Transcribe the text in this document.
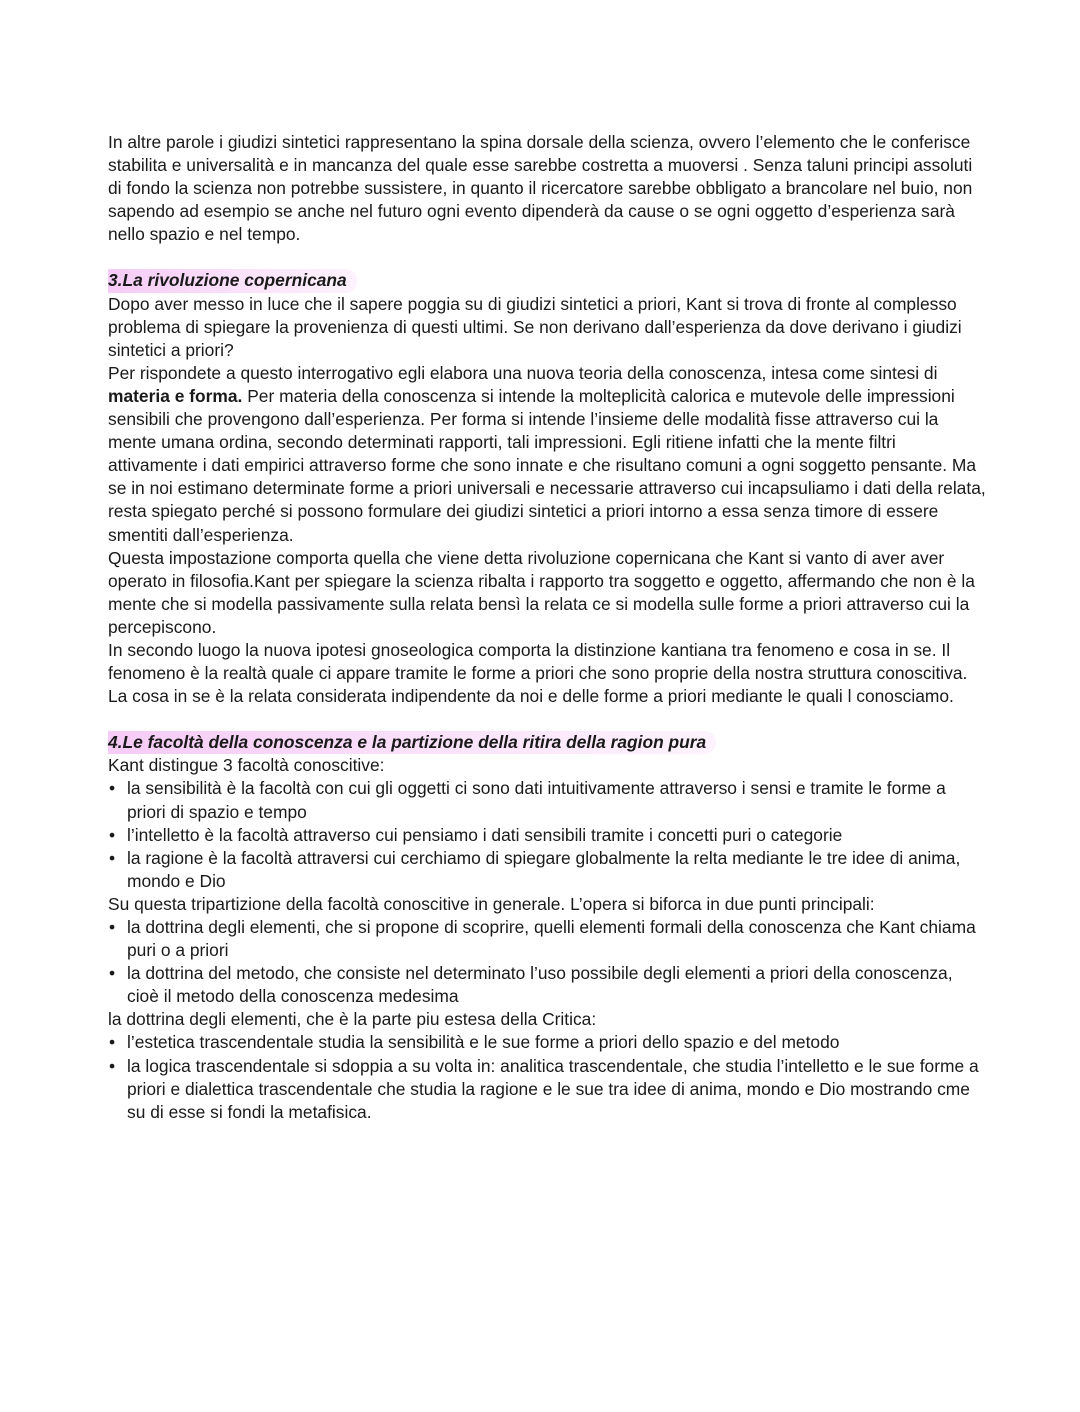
In altre parole i giudizi sintetici rappresentano la spina dorsale della scienza, ovvero l’elemento che le conferisce stabilita e universalità e in mancanza del quale esse sarebbe costretta a muoversi . Senza taluni principi assoluti di fondo la scienza non potrebbe sussistere, in quanto il ricercatore sarebbe obbligato a brancolare nel buio, non sapendo ad esempio se anche nel futuro ogni evento dipenderà da cause o se ogni oggetto d’esperienza sarà nello spazio e nel tempo.

3.La rivoluzione copernicana

Dopo aver messo in luce che il sapere poggia su di giudizi sintetici a priori, Kant si trova di fronte al complesso problema di spiegare la provenienza di questi ultimi. Se non derivano dall’esperienza da dove derivano i giudizi sintetici a priori?

Per rispondete a questo interrogativo egli elabora una nuova teoria della conoscenza, intesa come sintesi di materia e forma. Per materia della conoscenza si intende la molteplicità calorica e mutevole delle impressioni sensibili che provengono dall’esperienza. Per forma si intende l’insieme delle modalità fisse attraverso cui la mente umana ordina, secondo determinati rapporti, tali impressioni. Egli ritiene infatti che la mente filtri attivamente i dati empirici attraverso forme che sono innate e che risultano comuni a ogni soggetto pensante. Ma se in noi estimano determinate forme a priori universali e necessarie attraverso cui incapsuliamo i dati della relata, resta spiegato perché si possono formulare dei giudizi sintetici a priori intorno a essa senza timore di essere smentiti dall’esperienza.

Questa impostazione comporta quella che viene detta rivoluzione copernicana che Kant si vanto di aver aver operato in filosofia.Kant per spiegare la scienza ribalta i rapporto tra soggetto e oggetto, affermando che non è la mente che si modella passivamente sulla relata bensì la relata ce si modella sulle forme a priori attraverso cui la percepiscono.

In secondo luogo la nuova ipotesi gnoseologica comporta la distinzione kantiana tra fenomeno e cosa in se. Il fenomeno è la realtà quale ci appare tramite le forme a priori che sono proprie della nostra struttura conoscitiva. La cosa in se è la relata considerata indipendente da noi e delle forme a priori mediante le quali l conosciamo.

4.Le facoltà della conoscenza e la partizione della ritira della ragion pura

Kant distingue 3 facoltà conoscitive:

• la sensibilità è la facoltà con cui gli oggetti ci sono dati intuitivamente attraverso i sensi e tramite le forme a priori di spazio e tempo
• l’intelletto è la facoltà attraverso cui pensiamo i dati sensibili tramite i concetti puri o categorie
• la ragione è la facoltà attraversi cui cerchiamo di spiegare globalmente la relta mediante le tre idee di anima, mondo e Dio

Su questa tripartizione della facoltà conoscitive in generale. L’opera si biforca in due punti principali:

• la dottrina degli elementi, che si propone di scoprire, quelli elementi formali della conoscenza che Kant chiama puri o a priori
• la dottrina del metodo, che consiste nel determinato l’uso possibile degli elementi a priori della conoscenza, cioè il metodo della conoscenza medesima

la dottrina degli elementi, che è la parte piu estesa della Critica:

• l’estetica trascendentale studia la sensibilità e le sue forme a priori dello spazio e del metodo
• la logica trascendentale si sdoppia a su volta in: analitica trascendentale, che studia l’intelletto e le sue forme a priori e dialettica trascendentale che studia la ragione e le sue tra idee di anima, mondo e Dio mostrando cme su di esse si fondi la metafisica.
